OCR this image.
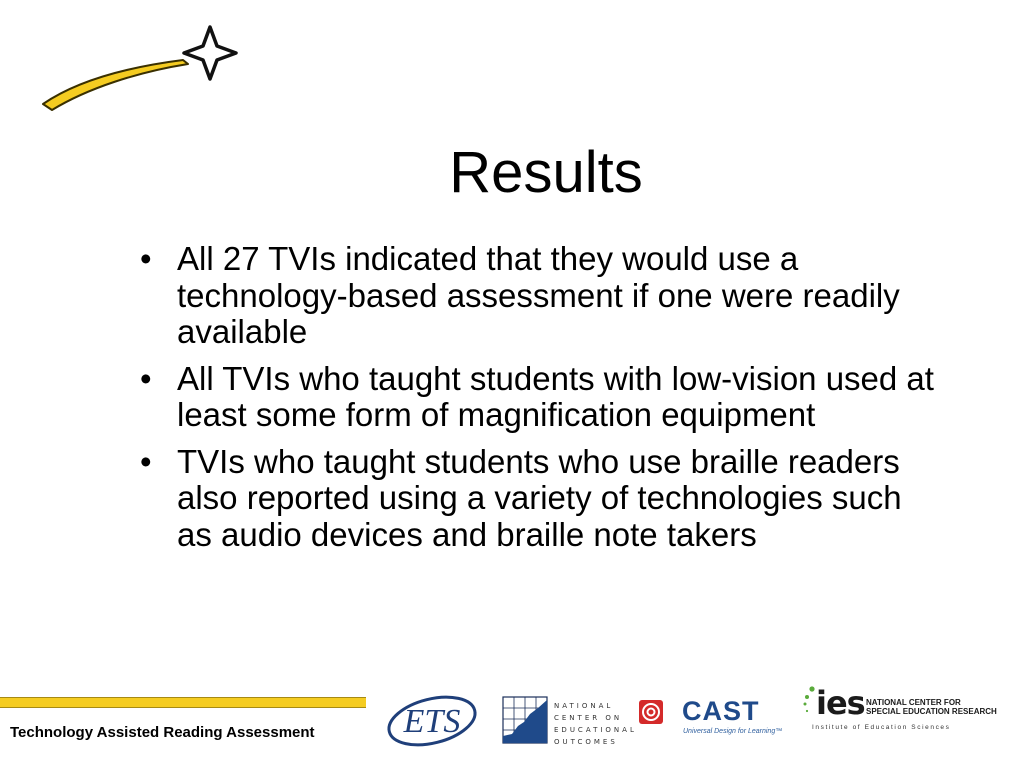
Results
• All 27 TVIs indicated that they would use a technology-based assessment if one were readily available
• All TVIs who taught students with low-vision used at least some form of magnification equipment
• TVIs who taught students who use braille readers also reported using a variety of technologies such as audio devices and braille note takers
Technology Assisted Reading Assessment	ETS	NATIONAL
CENTER ON
EDUCATIONAL
OUTCOMES
CAST
Universal Design for Learning™
ies NATIONAL CENTER FOR
SPECIAL EDUCATION RESEARCH
Institute of Education Sciences
